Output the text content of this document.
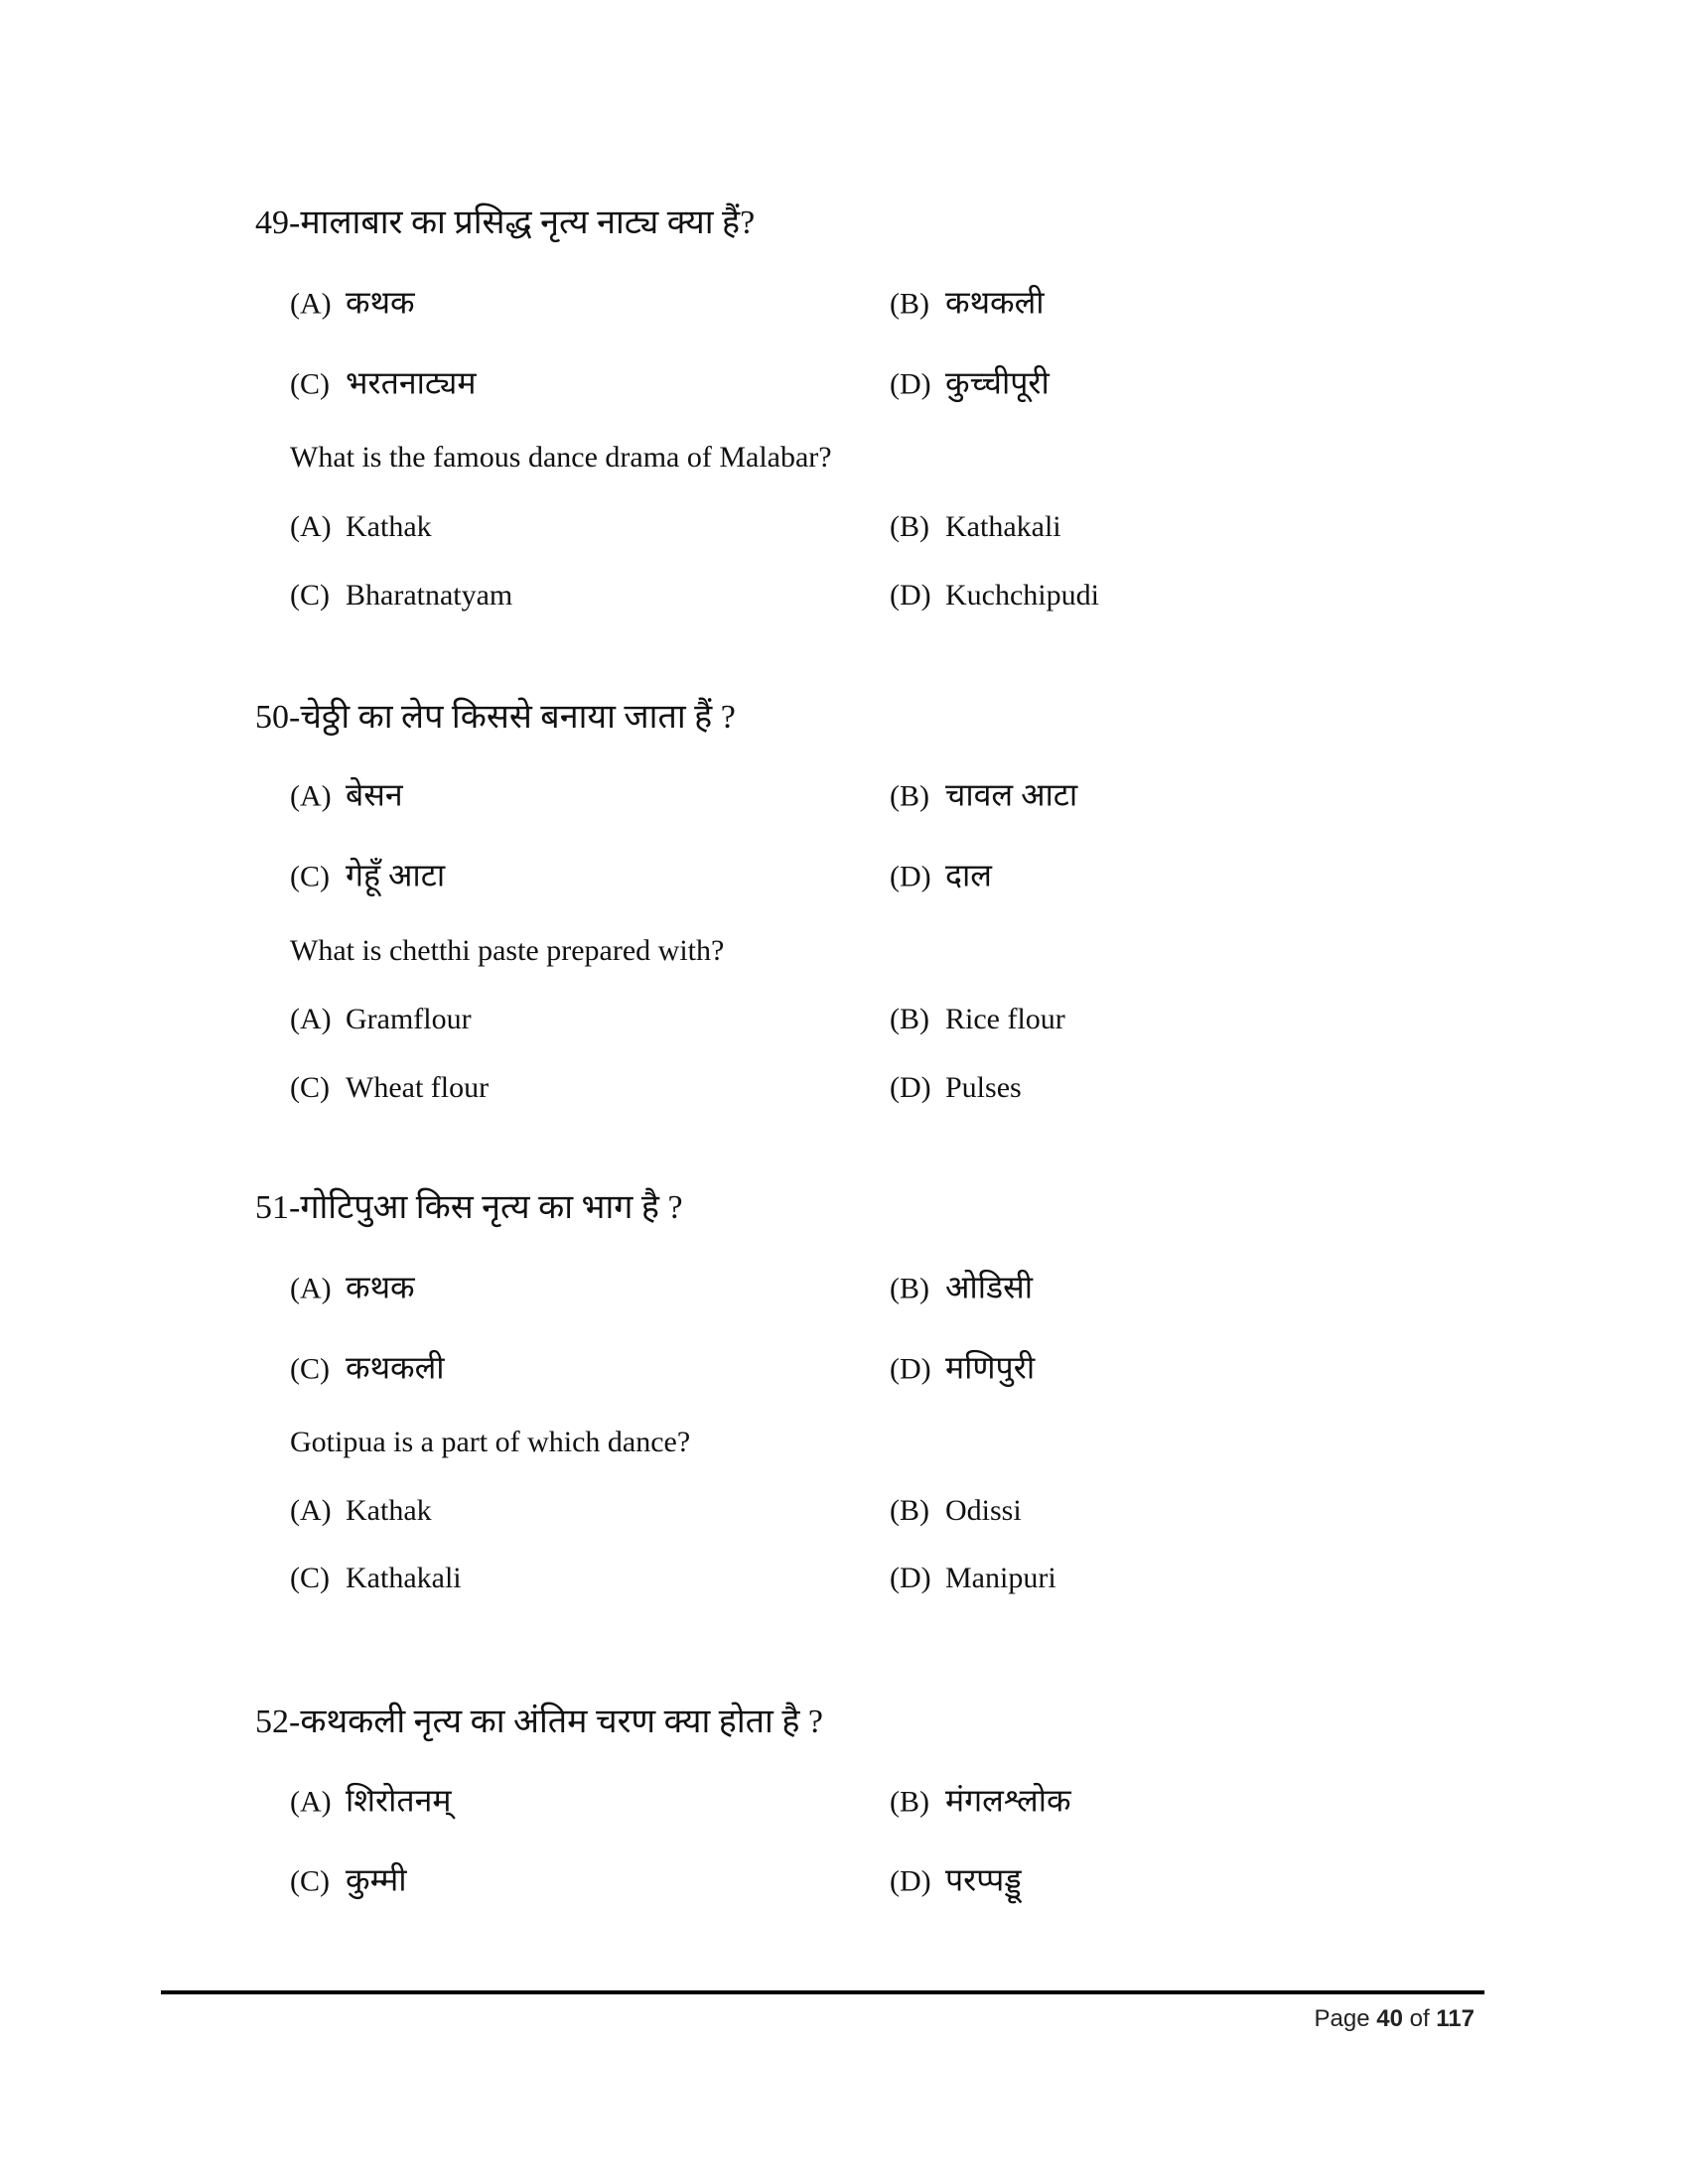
49-मालाबार का प्रसिद्ध नृत्य नाट्य क्या हैं?
(A) कथक	(B) कथकली
(C) भरतनाट्यम	(D) कुच्चीपूरी
What is the famous dance drama of Malabar?
(A) Kathak	(B) Kathakali
(C) Bharatnatyam	(D) Kuchchipudi
50-चेठ्ठी का लेप किससे बनाया जाता हैं ?
(A) बेसन	(B) चावल आटा
(C) गेहूँ आटा	(D) दाल
What is chetthi paste prepared with?
(A) Gramflour	(B) Rice flour
(C) Wheat flour	(D) Pulses
51-गोटिपुआ किस नृत्य का भाग है ?
(A) कथक	(B) ओडिसी
(C) कथकली	(D) मणिपुरी
Gotipua is a part of which dance?
(A) Kathak	(B) Odissi
(C) Kathakali	(D) Manipuri
52-कथकली नृत्य का अंतिम चरण क्या होता है ?
(A) शिरोतनम्	(B) मंगलश्लोक
(C) कुम्मी	(D) परप्पड्डू
Page 40 of 117
